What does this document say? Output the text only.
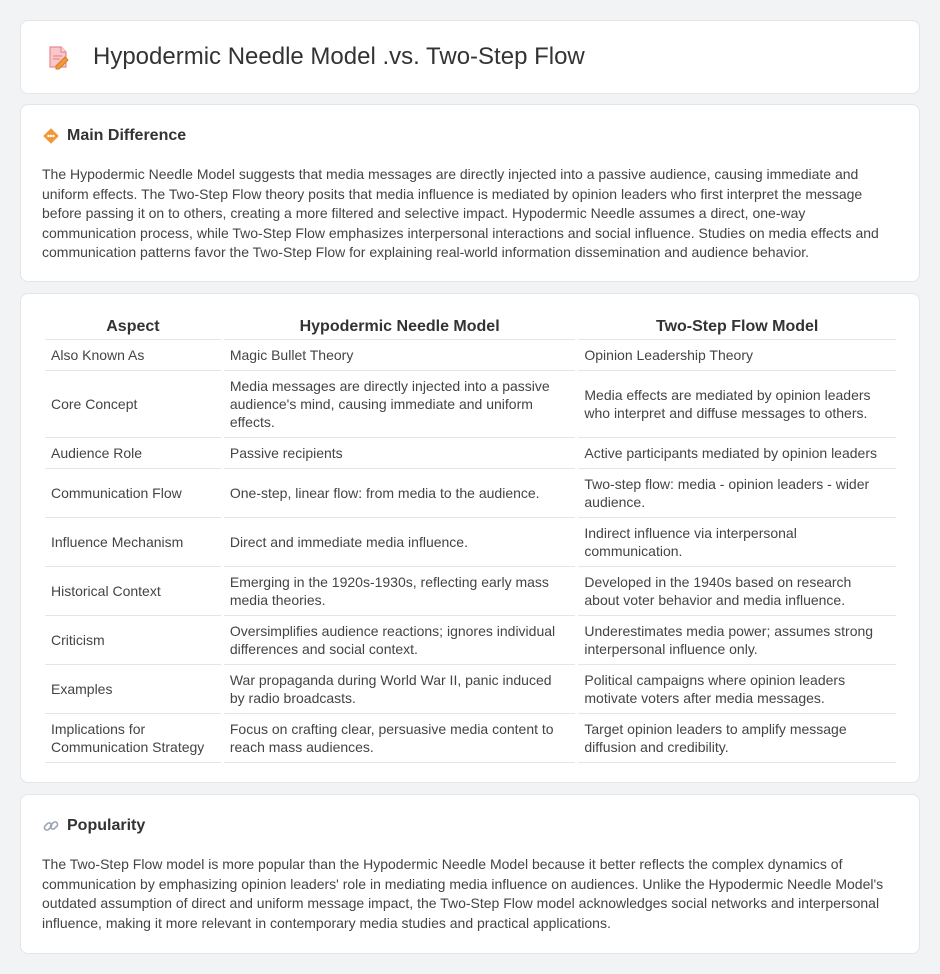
Hypodermic Needle Model .vs. Two-Step Flow
Main Difference

The Hypodermic Needle Model suggests that media messages are directly injected into a passive audience, causing immediate and uniform effects. The Two-Step Flow theory posits that media influence is mediated by opinion leaders who first interpret the message before passing it on to others, creating a more filtered and selective impact. Hypodermic Needle assumes a direct, one-way communication process, while Two-Step Flow emphasizes interpersonal interactions and social influence. Studies on media effects and communication patterns favor the Two-Step Flow for explaining real-world information dissemination and audience behavior.

Aspect	Hypodermic Needle Model	Two-Step Flow Model
Also Known As	Magic Bullet Theory	Opinion Leadership Theory
Core Concept	Media messages are directly injected into a passive audience's mind, causing immediate and uniform effects.	Media effects are mediated by opinion leaders who interpret and diffuse messages to others.
Audience Role	Passive recipients	Active participants mediated by opinion leaders
Communication Flow	One-step, linear flow: from media to the audience.	Two-step flow: media - opinion leaders - wider audience.
Influence Mechanism	Direct and immediate media influence.	Indirect influence via interpersonal communication.
Historical Context	Emerging in the 1920s-1930s, reflecting early mass media theories.	Developed in the 1940s based on research about voter behavior and media influence.
Criticism	Oversimplifies audience reactions; ignores individual differences and social context.	Underestimates media power; assumes strong interpersonal influence only.
Examples	War propaganda during World War II, panic induced by radio broadcasts.	Political campaigns where opinion leaders motivate voters after media messages.
Implications for Communication Strategy	Focus on crafting clear, persuasive media content to reach mass audiences.	Target opinion leaders to amplify message diffusion and credibility.
Popularity

The Two-Step Flow model is more popular than the Hypodermic Needle Model because it better reflects the complex dynamics of communication by emphasizing opinion leaders' role in mediating media influence on audiences. Unlike the Hypodermic Needle Model's outdated assumption of direct and uniform message impact, the Two-Step Flow model acknowledges social networks and interpersonal influence, making it more relevant in contemporary media studies and practical applications.
